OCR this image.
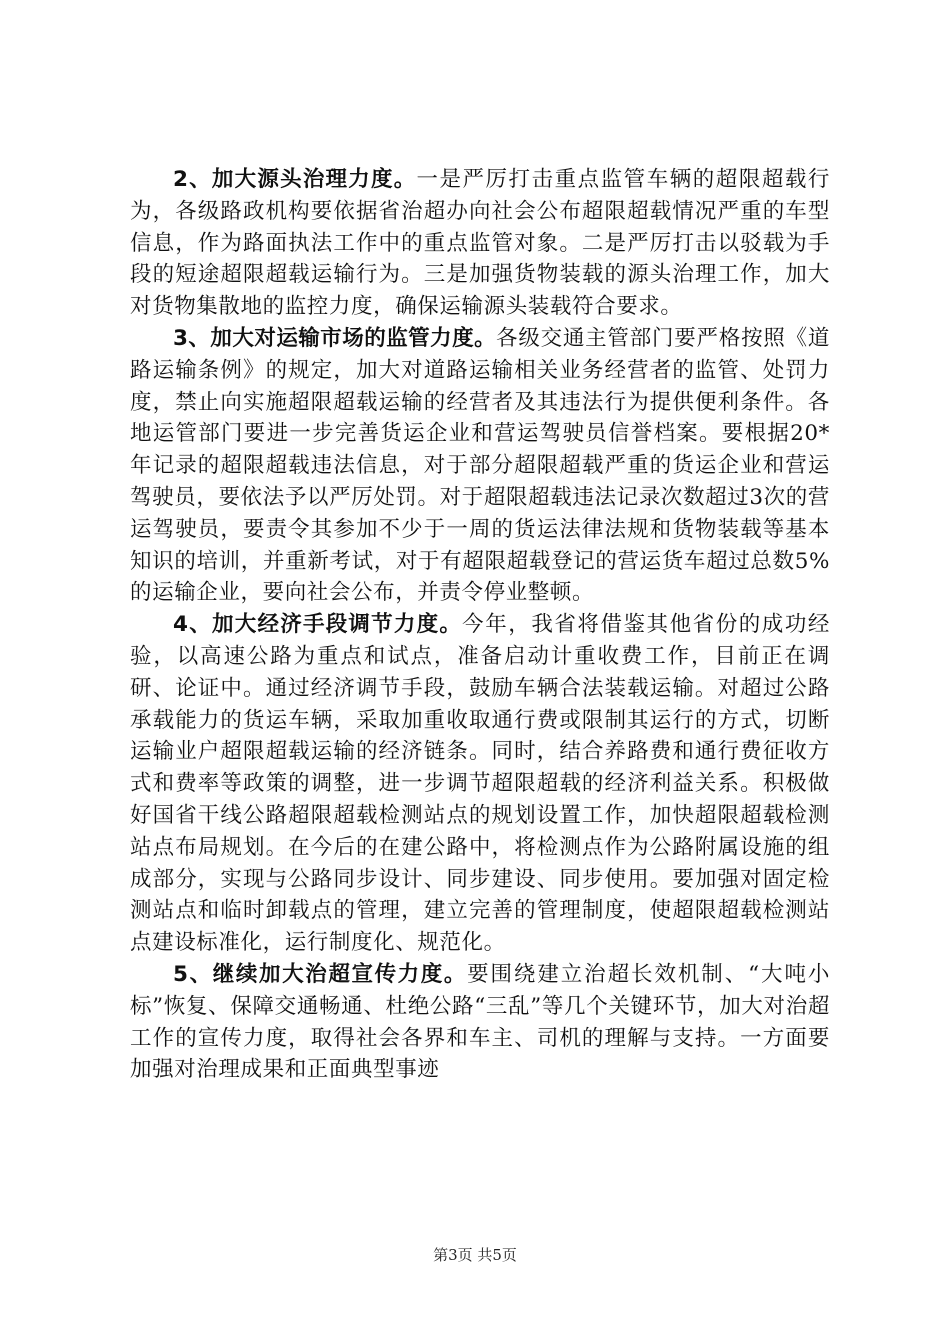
2、加大源头治理力度。一是严厉打击重点监管车辆的超限超载行为，各级路政机构要依据省治超办向社会公布超限超载情况严重的车型信息，作为路面执法工作中的重点监管对象。二是严厉打击以驳载为手段的短途超限超载运输行为。三是加强货物装载的源头治理工作，加大对货物集散地的监控力度，确保运输源头装载符合要求。

3、加大对运输市场的监管力度。各级交通主管部门要严格按照《道路运输条例》的规定，加大对道路运输相关业务经营者的监管、处罚力度，禁止向实施超限超载运输的经营者及其违法行为提供便利条件。各地运管部门要进一步完善货运企业和营运驾驶员信誉档案。要根据20*年记录的超限超载违法信息，对于部分超限超载严重的货运企业和营运驾驶员，要依法予以严厉处罚。对于超限超载违法记录次数超过3次的营运驾驶员，要责令其参加不少于一周的货运法律法规和货物装载等基本知识的培训，并重新考试，对于有超限超载登记的营运货车超过总数5%的运输企业，要向社会公布，并责令停业整顿。

4、加大经济手段调节力度。今年，我省将借鉴其他省份的成功经验，以高速公路为重点和试点，准备启动计重收费工作，目前正在调研、论证中。通过经济调节手段，鼓励车辆合法装载运输。对超过公路承载能力的货运车辆，采取加重收取通行费或限制其运行的方式，切断运输业户超限超载运输的经济链条。同时，结合养路费和通行费征收方式和费率等政策的调整，进一步调节超限超载的经济利益关系。积极做好国省干线公路超限超载检测站点的规划设置工作，加快超限超载检测站点布局规划。在今后的在建公路中，将检测点作为公路附属设施的组成部分，实现与公路同步设计、同步建设、同步使用。要加强对固定检测站点和临时卸载点的管理，建立完善的管理制度，使超限超载检测站点建设标准化，运行制度化、规范化。

5、继续加大治超宣传力度。要围绕建立治超长效机制、“大吨小标”恢复、保障交通畅通、杜绝公路“三乱”等几个关键环节，加大对治超工作的宣传力度，取得社会各界和车主、司机的理解与支持。一方面要加强对治理成果和正面典型事迹

第3页 共5页
